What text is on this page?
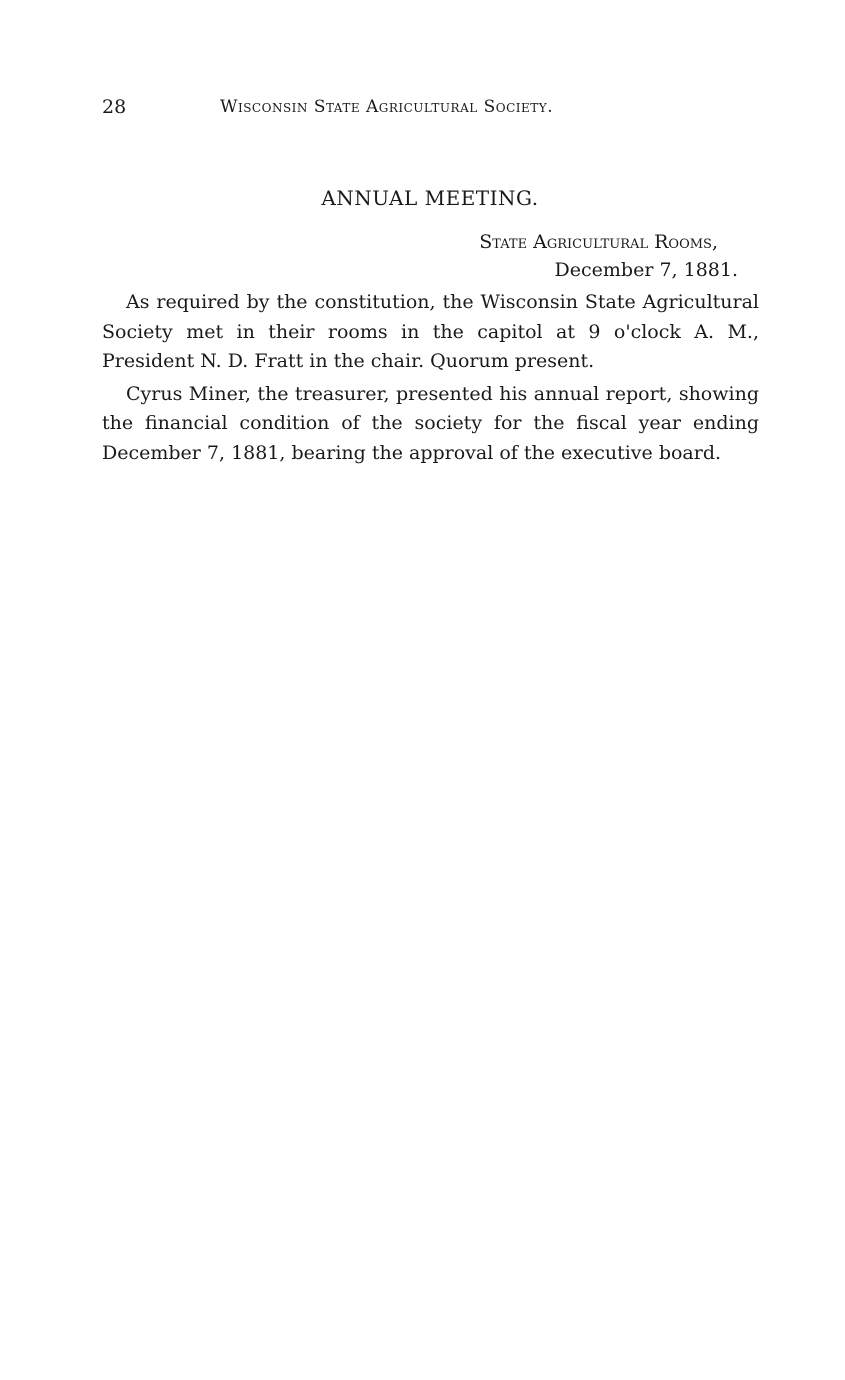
28	Wisconsin State Agricultural Society.
ANNUAL MEETING.
State Agricultural Rooms,
December 7, 1881.

As required by the constitution, the Wisconsin State Agricultural Society met in their rooms in the capitol at 9 o'clock A. M., President N. D. Fratt in the chair. Quorum present.

Cyrus Miner, the treasurer, presented his annual report, showing the financial condition of the society for the fiscal year ending December 7, 1881, bearing the approval of the executive board.
